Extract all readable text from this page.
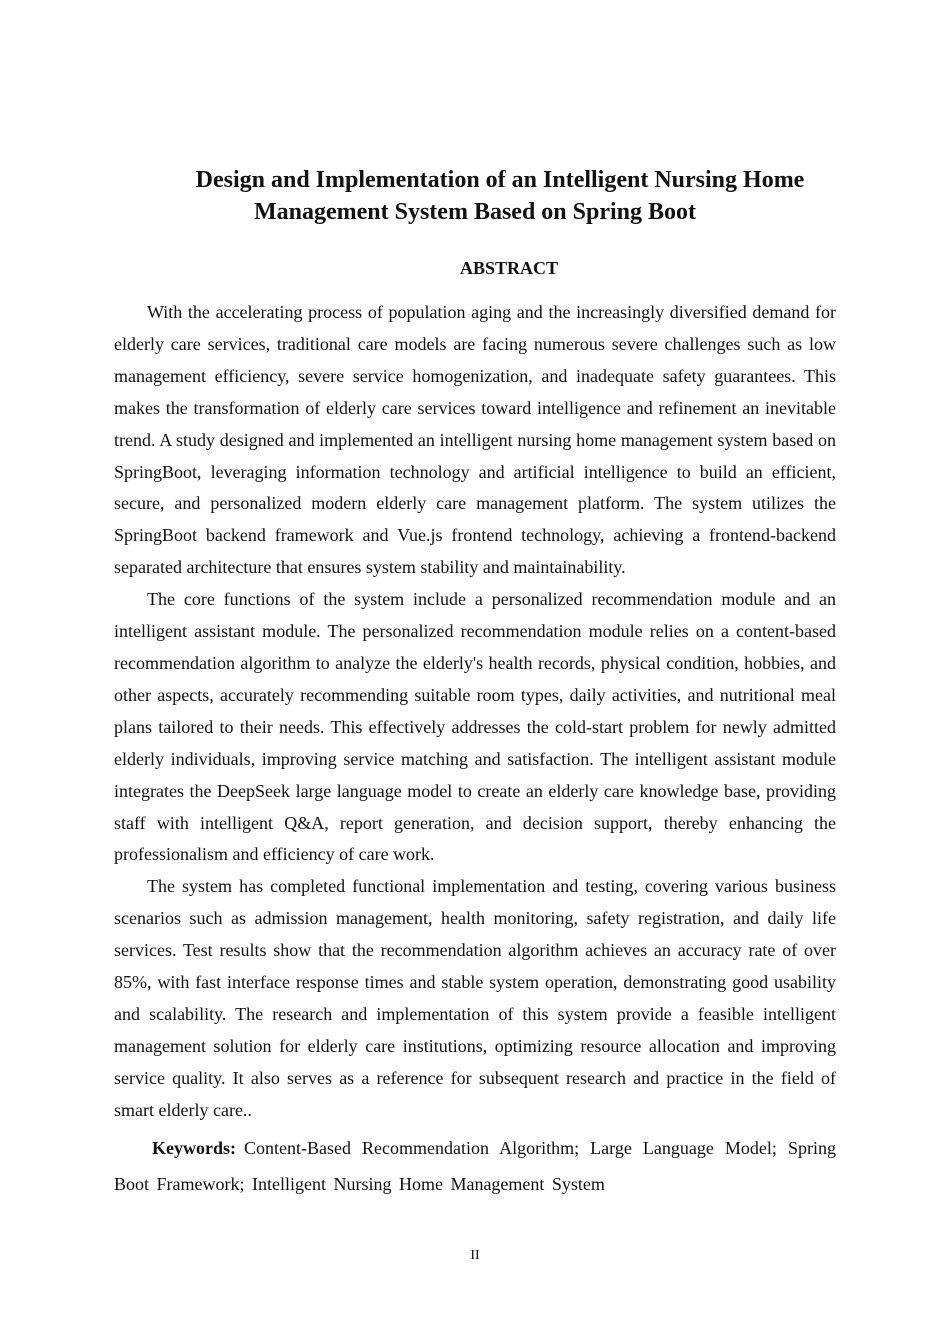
Design and Implementation of an Intelligent Nursing Home
Management System Based on Spring Boot
ABSTRACT

With the accelerating process of population aging and the increasingly diversified demand for elderly care services, traditional care models are facing numerous severe challenges such as low management efficiency, severe service homogenization, and inadequate safety guarantees. This makes the transformation of elderly care services toward intelligence and refinement an inevitable trend. A study designed and implemented an intelligent nursing home management system based on SpringBoot, leveraging information technology and artificial intelligence to build an efficient, secure, and personalized modern elderly care management platform. The system utilizes the SpringBoot backend framework and Vue.js frontend technology, achieving a frontend-backend separated architecture that ensures system stability and maintainability.

The core functions of the system include a personalized recommendation module and an intelligent assistant module. The personalized recommendation module relies on a content-based recommendation algorithm to analyze the elderly's health records, physical condition, hobbies, and other aspects, accurately recommending suitable room types, daily activities, and nutritional meal plans tailored to their needs. This effectively addresses the cold-start problem for newly admitted elderly individuals, improving service matching and satisfaction. The intelligent assistant module integrates the DeepSeek large language model to create an elderly care knowledge base, providing staff with intelligent Q&A, report generation, and decision support, thereby enhancing the professionalism and efficiency of care work.

The system has completed functional implementation and testing, covering various business scenarios such as admission management, health monitoring, safety registration, and daily life services. Test results show that the recommendation algorithm achieves an accuracy rate of over 85%, with fast interface response times and stable system operation, demonstrating good usability and scalability. The research and implementation of this system provide a feasible intelligent management solution for elderly care institutions, optimizing resource allocation and improving service quality. It also serves as a reference for subsequent research and practice in the field of smart elderly care..

Keywords: Content-Based Recommendation Algorithm; Large Language Model; Spring Boot Framework; Intelligent Nursing Home Management System

II
